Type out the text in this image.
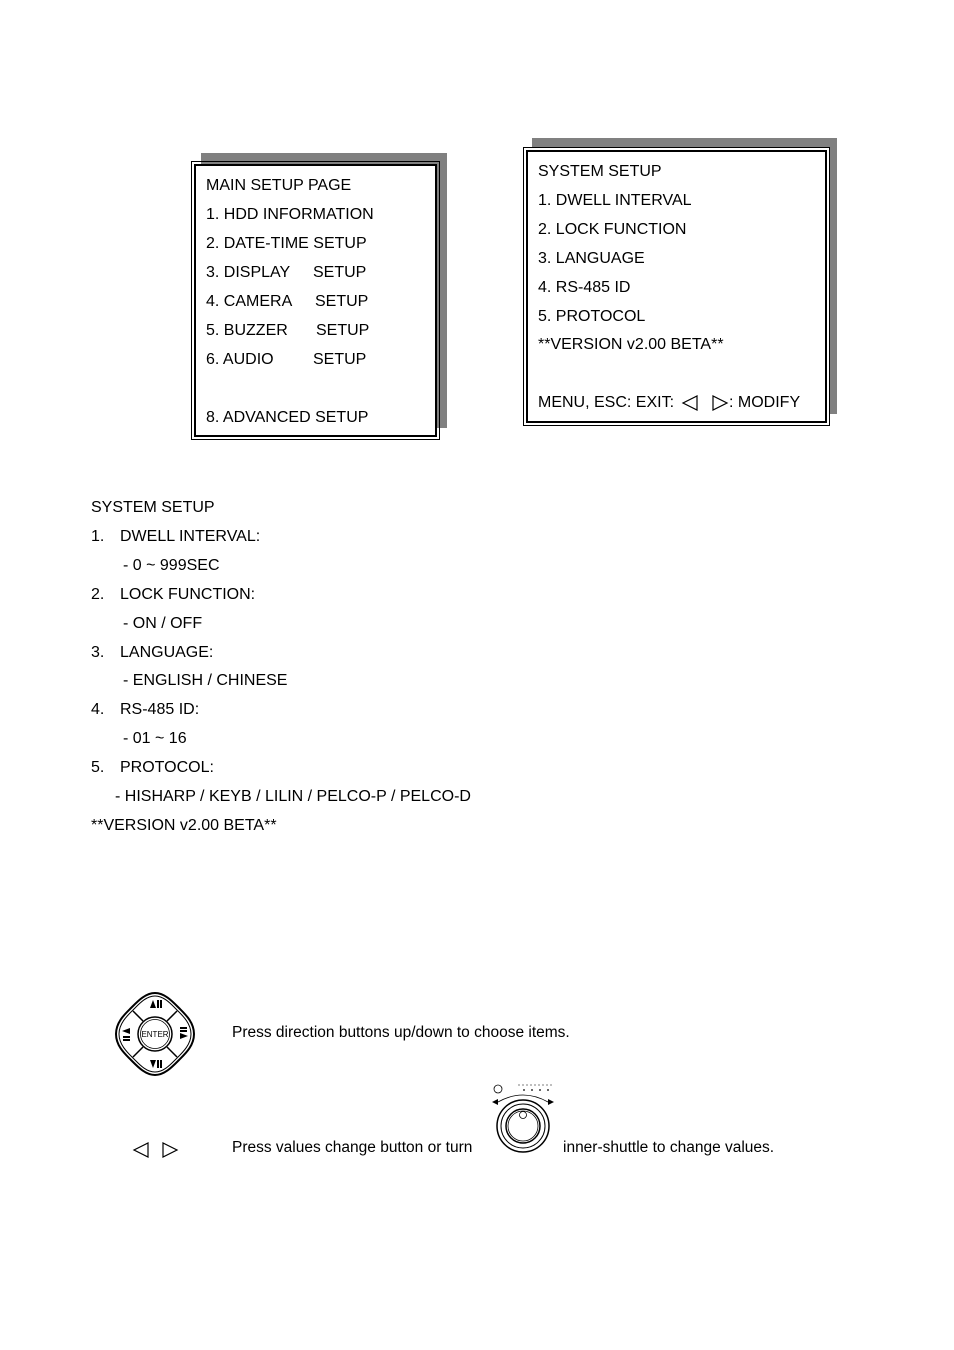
MAIN SETUP PAGE
1. HDD INFORMATION
2. DATE-TIME SETUP
3. DISPLAY SETUP
4. CAMERA SETUP
5. BUZZER SETUP
6. AUDIO SETUP
8. ADVANCED SETUP
SYSTEM SETUP
1. DWELL INTERVAL
2. LOCK FUNCTION
3. LANGUAGE
4. RS-485 ID
5. PROTOCOL
**VERSION v2.00 BETA**
MENU, ESC: EXIT:	: MODIFY
SYSTEM SETUP
1. DWELL INTERVAL:
- 0 ~ 999SEC
2. LOCK FUNCTION:
- ON / OFF
3. LANGUAGE:
- ENGLISH / CHINESE
4. RS-485 ID:
- 01 ~ 16
5. PROTOCOL:
- HISHARP / KEYB / LILIN / PELCO-P / PELCO-D
**VERSION v2.00 BETA**
ENTER	Press direction buttons up/down to choose items.
Press values change button or turn	inner-shuttle to change values.
